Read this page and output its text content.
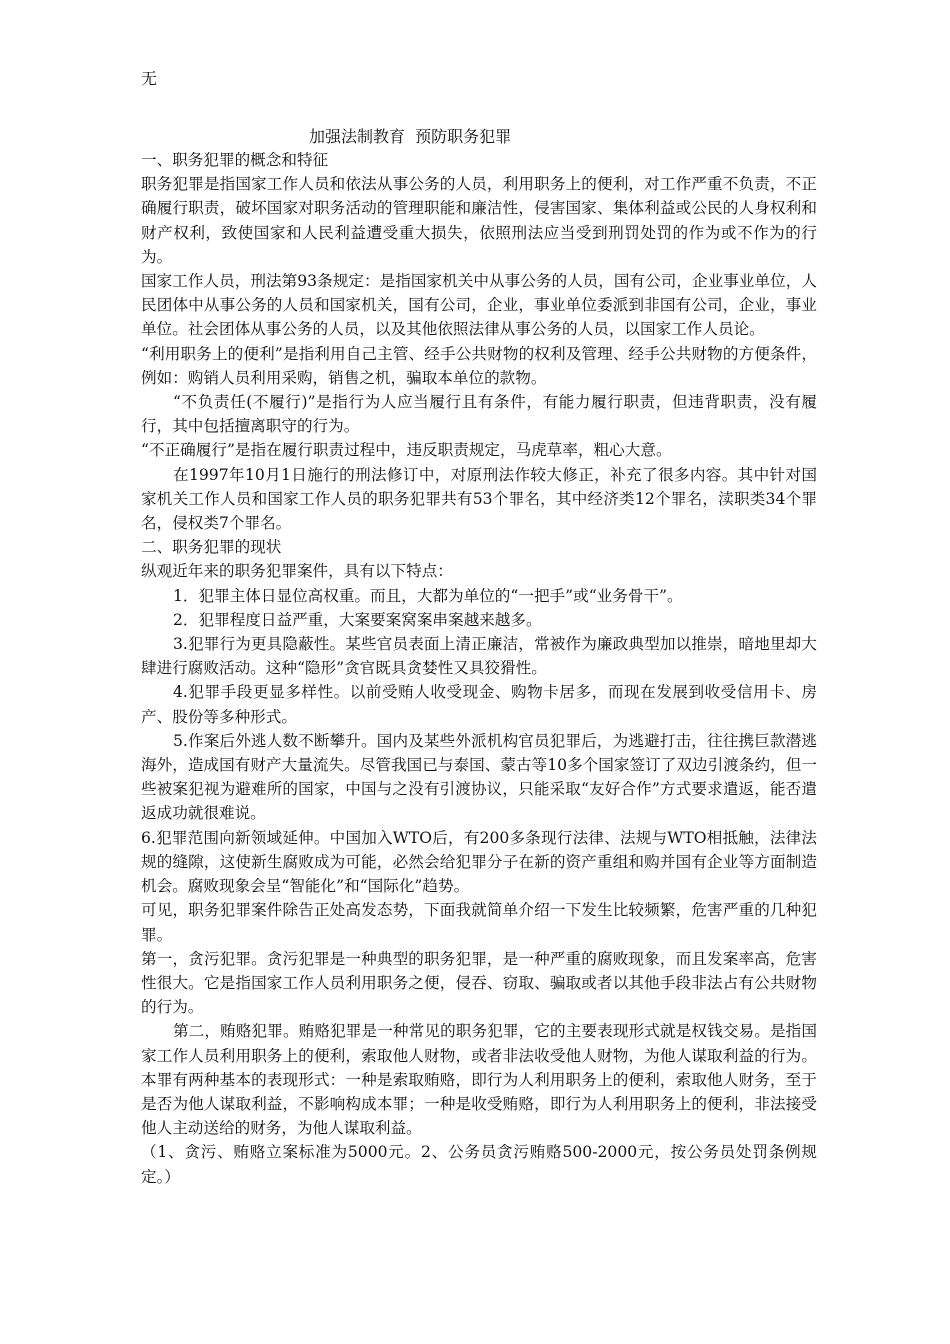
无
加强法制教育  预防职务犯罪

一、职务犯罪的概念和特征

职务犯罪是指国家工作人员和依法从事公务的人员，利用职务上的便利，对工作严重不负责，不正确履行职责，破坏国家对职务活动的管理职能和廉洁性，侵害国家、集体利益或公民的人身权利和财产权利，致使国家和人民利益遭受重大损失，依照刑法应当受到刑罚处罚的作为或不作为的行为。

国家工作人员，刑法第93条规定：是指国家机关中从事公务的人员，国有公司，企业事业单位，人民团体中从事公务的人员和国家机关，国有公司，企业，事业单位委派到非国有公司，企业，事业单位。社会团体从事公务的人员，以及其他依照法律从事公务的人员，以国家工作人员论。

“利用职务上的便利”是指利用自己主管、经手公共财物的权利及管理、经手公共财物的方便条件，例如：购销人员利用采购，销售之机，骗取本单位的款物。

“不负责任(不履行)”是指行为人应当履行且有条件，有能力履行职责，但违背职责，没有履行，其中包括擅离职守的行为。

“不正确履行”是指在履行职责过程中，违反职责规定，马虎草率，粗心大意。

在1997年10月1日施行的刑法修订中，对原刑法作较大修正，补充了很多内容。其中针对国家机关工作人员和国家工作人员的职务犯罪共有53个罪名，其中经济类12个罪名，渎职类34个罪名，侵权类7个罪名。

二、职务犯罪的现状

纵观近年来的职务犯罪案件，具有以下特点：

1．犯罪主体日显位高权重。而且，大都为单位的“一把手”或“业务骨干”。

2．犯罪程度日益严重，大案要案窝案串案越来越多。

3.犯罪行为更具隐蔽性。某些官员表面上清正廉洁，常被作为廉政典型加以推崇，暗地里却大肆进行腐败活动。这种“隐形”贪官既具贪婪性又具狡猾性。

4.犯罪手段更显多样性。以前受贿人收受现金、购物卡居多，而现在发展到收受信用卡、房产、股份等多种形式。

5.作案后外逃人数不断攀升。国内及某些外派机构官员犯罪后，为逃避打击，往往携巨款潜逃海外，造成国有财产大量流失。尽管我国已与泰国、蒙古等10多个国家签订了双边引渡条约，但一些被案犯视为避难所的国家，中国与之没有引渡协议，只能采取“友好合作”方式要求遣返，能否遣返成功就很难说。

6.犯罪范围向新领域延伸。中国加入WTO后，有200多条现行法律、法规与WTO相抵触，法律法规的缝隙，这使新生腐败成为可能，必然会给犯罪分子在新的资产重组和购并国有企业等方面制造机会。腐败现象会呈“智能化”和“国际化”趋势。

可见，职务犯罪案件除告正处高发态势，下面我就简单介绍一下发生比较频繁，危害严重的几种犯罪。

第一，贪污犯罪。贪污犯罪是一种典型的职务犯罪，是一种严重的腐败现象，而且发案率高，危害性很大。它是指国家工作人员利用职务之便，侵吞、窃取、骗取或者以其他手段非法占有公共财物的行为。

第二，贿赂犯罪。贿赂犯罪是一种常见的职务犯罪，它的主要表现形式就是权钱交易。是指国家工作人员利用职务上的便利，索取他人财物，或者非法收受他人财物，为他人谋取利益的行为。本罪有两种基本的表现形式：一种是索取贿赂，即行为人利用职务上的便利，索取他人财务，至于是否为他人谋取利益，不影响构成本罪；一种是收受贿赂，即行为人利用职务上的便利，非法接受他人主动送给的财务，为他人谋取利益。

（1、贪污、贿赂立案标准为5000元。2、公务员贪污贿赂500-2000元，按公务员处罚条例规定。）
